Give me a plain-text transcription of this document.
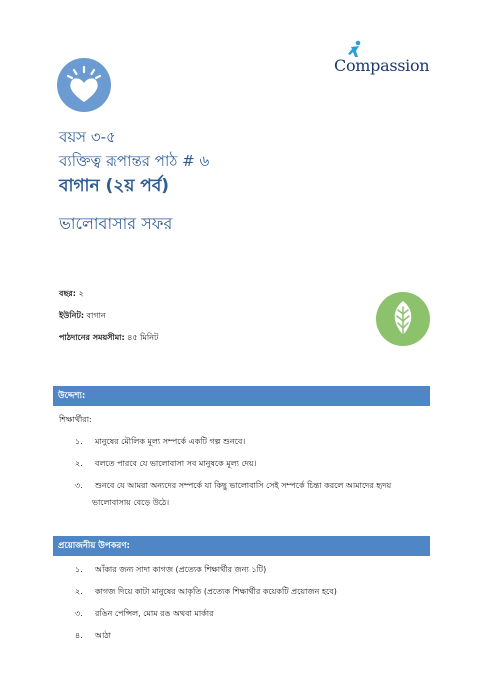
Compassion
বয়স ৩-৫
ব্যক্তিত্ব রূপান্তর পাঠ # ৬
বাগান (২য় পর্ব)
ভালোবাসার সফর
বছর: ২
ইউনিট: বাগান
পাঠদানের সময়সীমা: ৪৫ মিনিট
উদ্দেশ্য:
শিক্ষার্থীরা:
১. মানুষের মৌলিক মূল্য সম্পর্কে একটি গল্প শুনবে।
২. বলতে পারবে যে ভালোবাসা সব মানুষকে মূল্য দেয়।
৩. শুনবে যে আমরা অন্যদের সম্পর্কে যা কিছু ভালোবাসি সেই সম্পর্কে চিন্তা করলে আমাদের হৃদয়
ভালোবাসায় বেড়ে উঠে।
প্রয়োজনীয় উপকরণ:
১. আঁকার জন্য সাদা কাগজ (প্রত্যেক শিক্ষার্থীর জন্য ১টি)
২. কাগজ দিয়ে কাটা মানুষের আকৃতি (প্রত্যেক শিক্ষার্থীর কয়েকটি প্রয়োজন হবে)
৩. রঙিন পেন্সিল, মোম রঙ অথবা মার্কার
৪. আঠা
